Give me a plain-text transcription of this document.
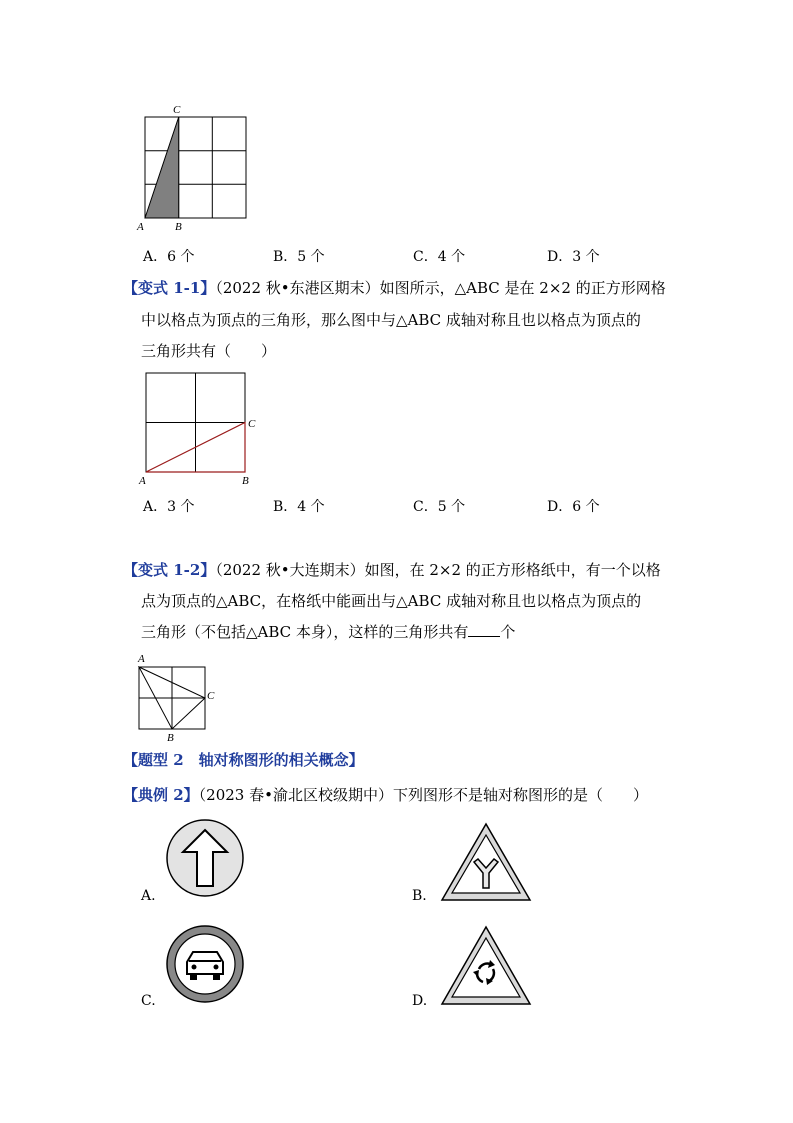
C
A	B
A．6 个	B．5 个	C．4 个	D．3 个
【变式 1-1】（2022 秋•东港区期末）如图所示，△ABC 是在 2×2 的正方形网格
中以格点为顶点的三角形，那么图中与△ABC 成轴对称且也以格点为顶点的
三角形共有（　　）
C
A	B
A．3 个	B．4 个	C．5 个	D．6 个
【变式 1-2】（2022 秋•大连期末）如图，在 2×2 的正方形格纸中，有一个以格
点为顶点的△ABC，在格纸中能画出与△ABC 成轴对称且也以格点为顶点的
三角形（不包括△ABC 本身），这样的三角形共有 个
A
C
B
【题型 2　轴对称图形的相关概念】
【典例 2】（2023 春•渝北区校级期中）下列图形不是轴对称图形的是（　　）
A.	B.
C.	D.
